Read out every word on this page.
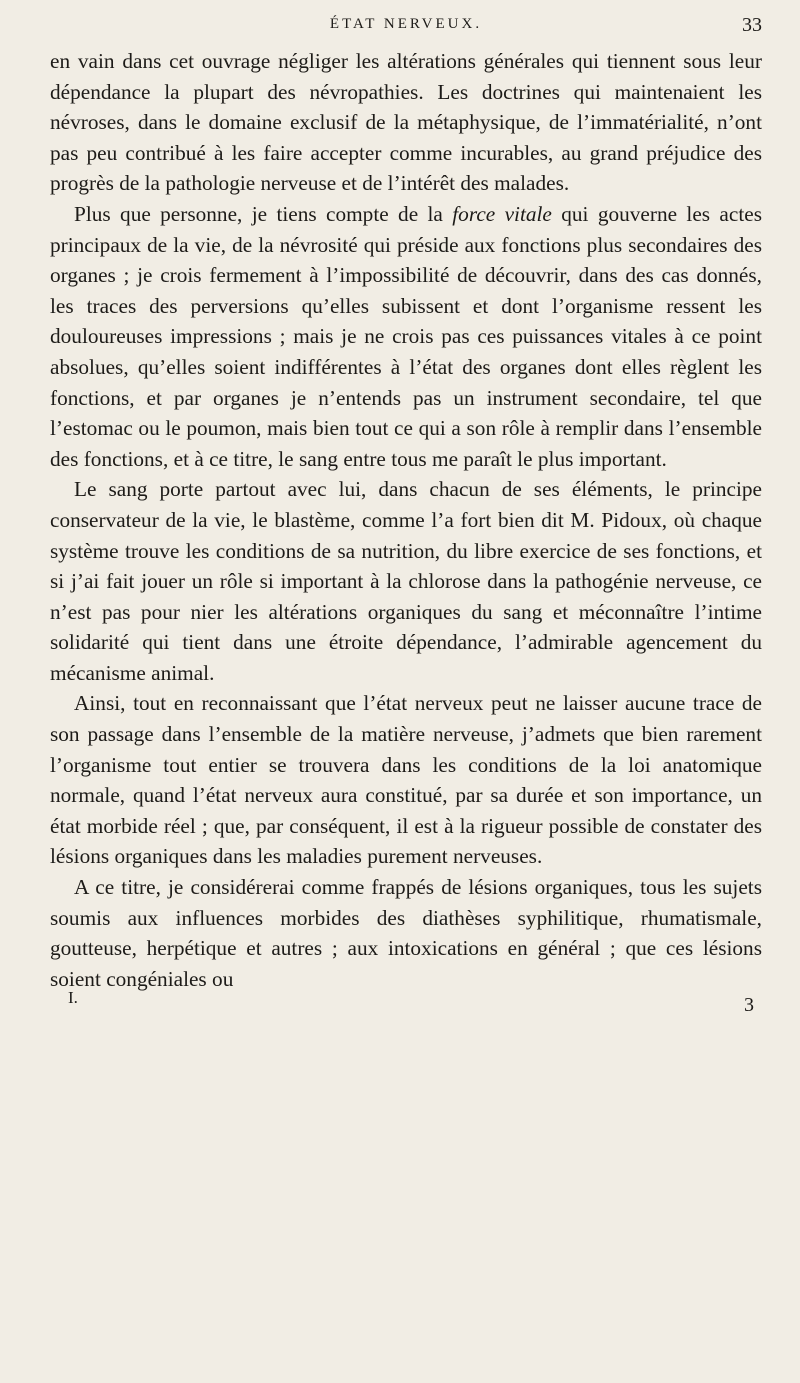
ÉTAT NERVEUX.	33

en vain dans cet ouvrage négliger les altérations générales qui tiennent sous leur dépendance la plupart des névropathies. Les doctrines qui maintenaient les névroses, dans le domaine exclusif de la métaphysique, de l’immatérialité, n’ont pas peu contribué à les faire accepter comme incurables, au grand préjudice des progrès de la pathologie nerveuse et de l’intérêt des malades.

Plus que personne, je tiens compte de la force vitale qui gouverne les actes principaux de la vie, de la névrosité qui préside aux fonctions plus secondaires des organes ; je crois fermement à l’impossibilité de découvrir, dans des cas donnés, les traces des perversions qu’elles subissent et dont l’organisme ressent les douloureuses impressions ; mais je ne crois pas ces puissances vitales à ce point absolues, qu’elles soient indifférentes à l’état des organes dont elles règlent les fonctions, et par organes je n’entends pas un instrument secondaire, tel que l’estomac ou le poumon, mais bien tout ce qui a son rôle à remplir dans l’ensemble des fonctions, et à ce titre, le sang entre tous me paraît le plus important.

Le sang porte partout avec lui, dans chacun de ses éléments, le principe conservateur de la vie, le blastème, comme l’a fort bien dit M. Pidoux, où chaque système trouve les conditions de sa nutrition, du libre exercice de ses fonctions, et si j’ai fait jouer un rôle si important à la chlorose dans la pathogénie nerveuse, ce n’est pas pour nier les altérations organiques du sang et méconnaître l’intime solidarité qui tient dans une étroite dépendance, l’admirable agencement du mécanisme animal.

Ainsi, tout en reconnaissant que l’état nerveux peut ne laisser aucune trace de son passage dans l’ensemble de la matière nerveuse, j’admets que bien rarement l’organisme tout entier se trouvera dans les conditions de la loi anatomique normale, quand l’état nerveux aura constitué, par sa durée et son importance, un état morbide réel ; que, par conséquent, il est à la rigueur possible de constater des lésions organiques dans les maladies purement nerveuses.

A ce titre, je considérerai comme frappés de lésions organiques, tous les sujets soumis aux influences morbides des diathèses syphilitique, rhumatismale, goutteuse, herpétique et autres ; aux intoxications en général ; que ces lésions soient congéniales ou

I.	3
